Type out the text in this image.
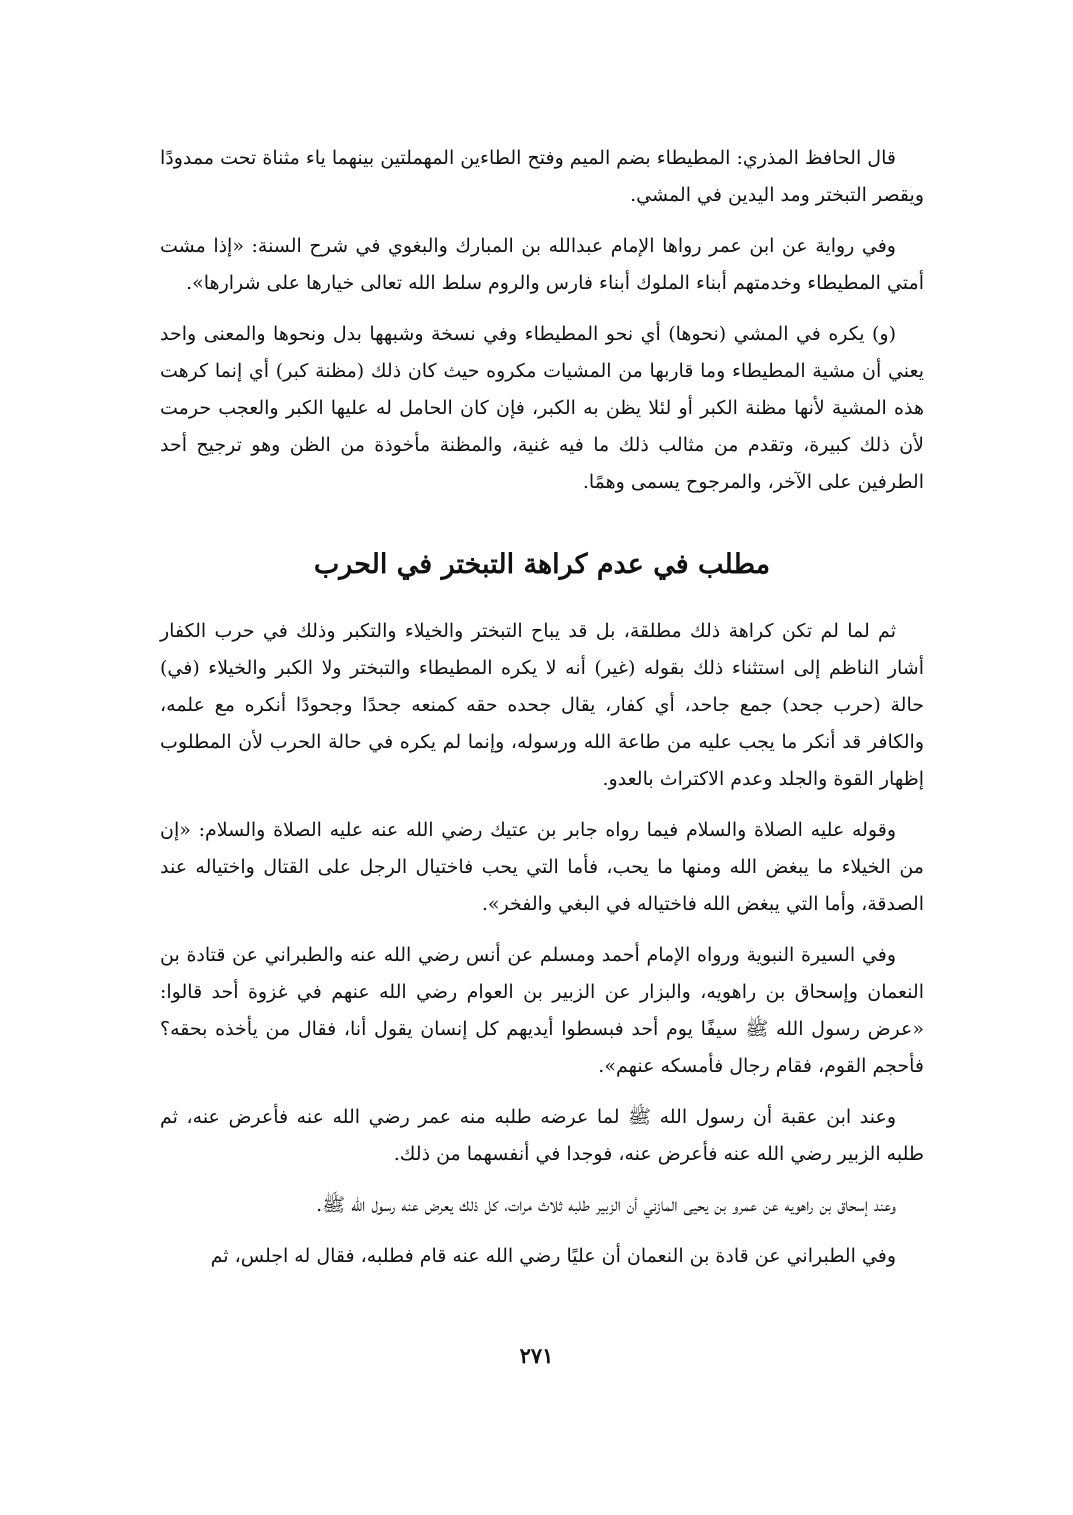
قال الحافظ المذري: المطيطاء بضم الميم وفتح الطاءين المهملتين بينهما ياء مثناة تحت ممدودًا ويقصر التبختر ومد اليدين في المشي.

وفي رواية عن ابن عمر رواها الإمام عبدالله بن المبارك والبغوي في شرح السنة: «إذا مشت أمتي المطيطاء وخدمتهم أبناء الملوك أبناء فارس والروم سلط الله تعالى خيارها على شرارها».

(و) يكره في المشي (نحوها) أي نحو المطيطاء وفي نسخة وشبهها بدل ونحوها والمعنى واحد يعني أن مشية المطيطاء وما قاربها من المشيات مكروه حيث كان ذلك (مظنة كبر) أي إنما كرهت هذه المشية لأنها مظنة الكبر أو لئلا يظن به الكبر، فإن كان الحامل له عليها الكبر والعجب حرمت لأن ذلك كبيرة، وتقدم من مثالب ذلك ما فيه غنية، والمظنة مأخوذة من الظن وهو ترجيح أحد الطرفين على الآخر، والمرجوح يسمى وهمًا.

مطلب في عدم كراهة التبختر في الحرب

ثم لما لم تكن كراهة ذلك مطلقة، بل قد يباح التبختر والخيلاء والتكبر وذلك في حرب الكفار أشار الناظم إلى استثناء ذلك بقوله (غير) أنه لا يكره المطيطاء والتبختر ولا الكبر والخيلاء (في) حالة (حرب جحد) جمع جاحد، أي كفار، يقال جحده حقه كمنعه جحدًا وجحودًا أنكره مع علمه، والكافر قد أنكر ما يجب عليه من طاعة الله ورسوله، وإنما لم يكره في حالة الحرب لأن المطلوب إظهار القوة والجلد وعدم الاكتراث بالعدو.

وقوله عليه الصلاة والسلام فيما رواه جابر بن عتيك رضي الله عنه عليه الصلاة والسلام: «إن من الخيلاء ما يبغض الله ومنها ما يحب، فأما التي يحب فاختيال الرجل على القتال واختياله عند الصدقة، وأما التي يبغض الله فاختياله في البغي والفخر».

وفي السيرة النبوية ورواه الإمام أحمد ومسلم عن أنس رضي الله عنه والطبراني عن قتادة بن النعمان وإسحاق بن راهويه، والبزار عن الزبير بن العوام رضي الله عنهم في غزوة أحد قالوا: «عرض رسول الله ﷺ سيفًا يوم أحد فبسطوا أيديهم كل إنسان يقول أنا، فقال من يأخذه بحقه؟ فأحجم القوم، فقام رجال فأمسكه عنهم».

وعند ابن عقبة أن رسول الله ﷺ لما عرضه طلبه منه عمر رضي الله عنه فأعرض عنه، ثم طلبه الزبير رضي الله عنه فأعرض عنه، فوجدا في أنفسهما من ذلك.

وعند إسحاق بن راهويه عن عمرو بن يحيى المازني أن الزبير طلبه ثلاث مرات، كل ذلك يعرض عنه رسول الله ﷺ.

وفي الطبراني عن قادة بن النعمان أن عليًا رضي الله عنه قام فطلبه، فقال له اجلس، ثم

٢٧١
